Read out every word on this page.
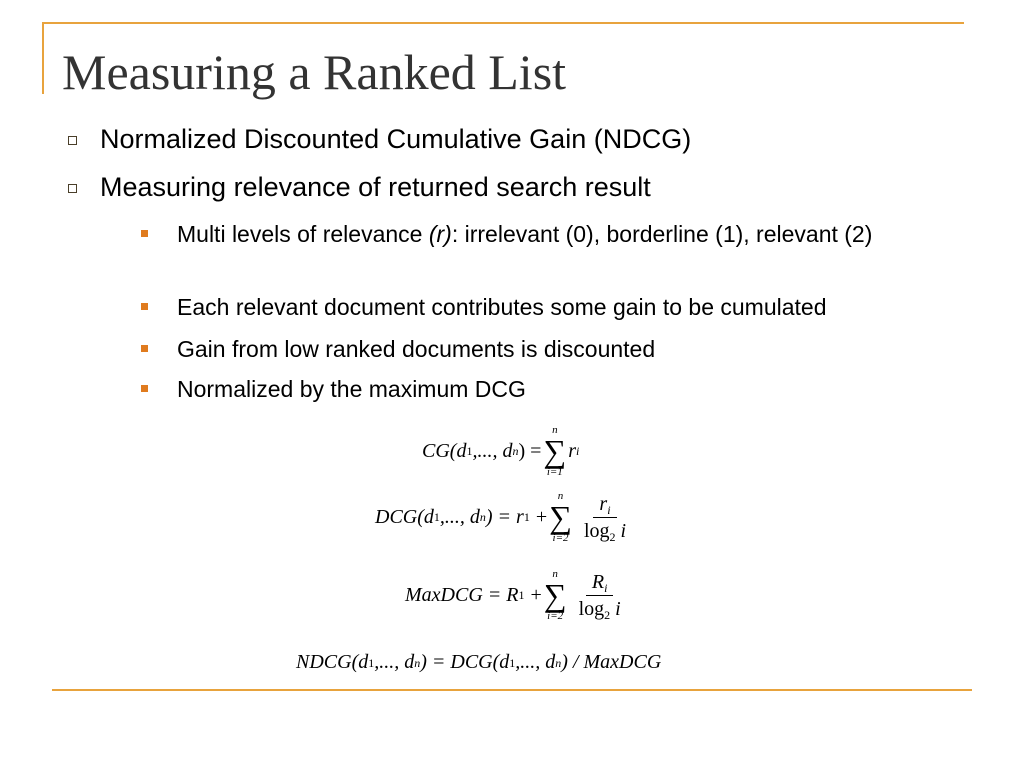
Measuring a Ranked List
Normalized Discounted Cumulative Gain (NDCG)
Measuring relevance of returned search result
Multi levels of relevance (r): irrelevant (0), borderline (1), relevant (2)
Each relevant document contributes some gain to be cumulated
Gain from low ranked documents is discounted
Normalized by the maximum DCG
CG(d 1 ,..., d n ) =
n
∑
i=1
r i
DCG(d 1 ,..., d n ) = r 1 +
n
∑
$i=2 \frac{r_i}{\log_2 i}$
MaxDCG = R 1 +
n
∑
$i=2 \frac{R_i}{\log_2 i}$
NDCG(d 1 ,..., d n ) = DCG(d 1 ,..., d n ) / MaxDCG
